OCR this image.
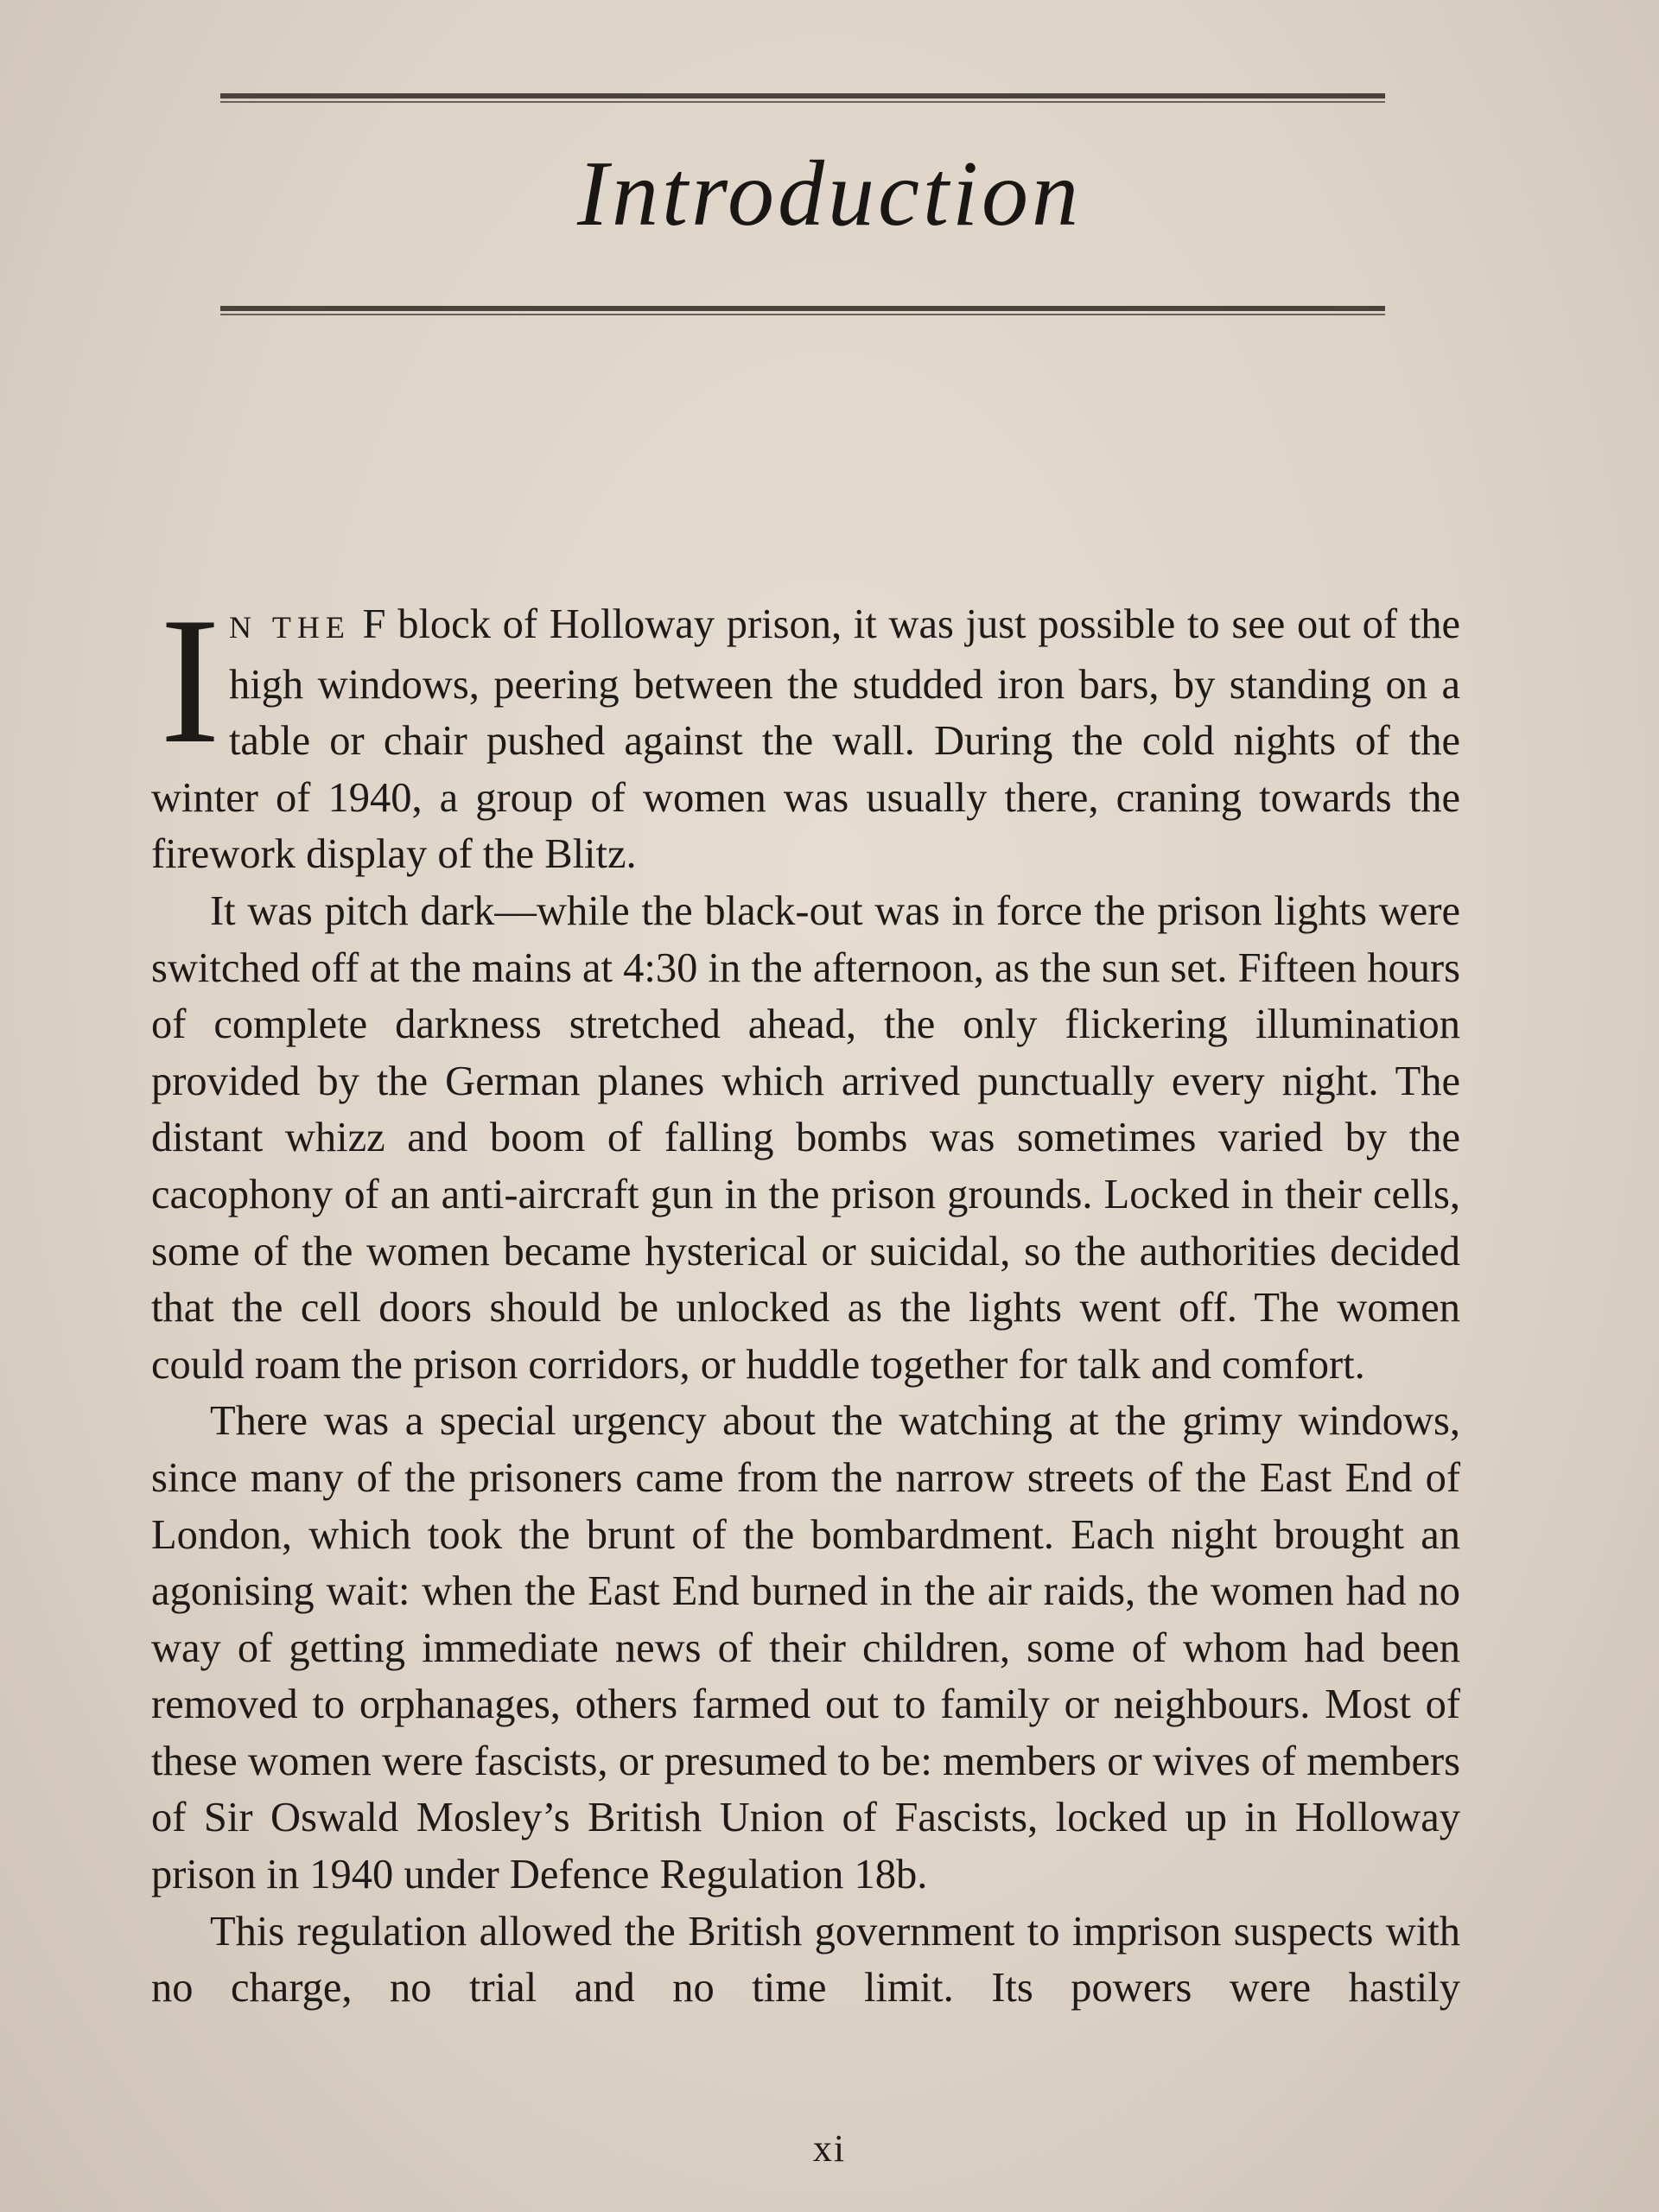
Introduction

I N THE F block of Holloway prison, it was just possible to see out of the high windows, peering between the studded iron bars, by standing on a table or chair pushed against the wall. During the cold nights of the winter of 1940, a group of women was usually there, craning towards the firework display of the Blitz.

It was pitch dark—while the black-out was in force the prison lights were switched off at the mains at 4:30 in the afternoon, as the sun set. Fifteen hours of complete darkness stretched ahead, the only flickering illumination provided by the German planes which arrived punctually every night. The distant whizz and boom of falling bombs was sometimes varied by the cacophony of an anti-aircraft gun in the prison grounds. Locked in their cells, some of the women became hysterical or suicidal, so the authorities decided that the cell doors should be unlocked as the lights went off. The women could roam the prison corridors, or huddle together for talk and comfort.

There was a special urgency about the watching at the grimy windows, since many of the prisoners came from the narrow streets of the East End of London, which took the brunt of the bombardment. Each night brought an agonising wait: when the East End burned in the air raids, the women had no way of getting immediate news of their children, some of whom had been removed to orphanages, others farmed out to family or neighbours. Most of these women were fascists, or presumed to be: members or wives of members of Sir Oswald Mosley’s British Union of Fascists, locked up in Holloway prison in 1940 under Defence Regulation 18b.

This regulation allowed the British government to imprison suspects with no charge, no trial and no time limit. Its powers were hastily

xi
